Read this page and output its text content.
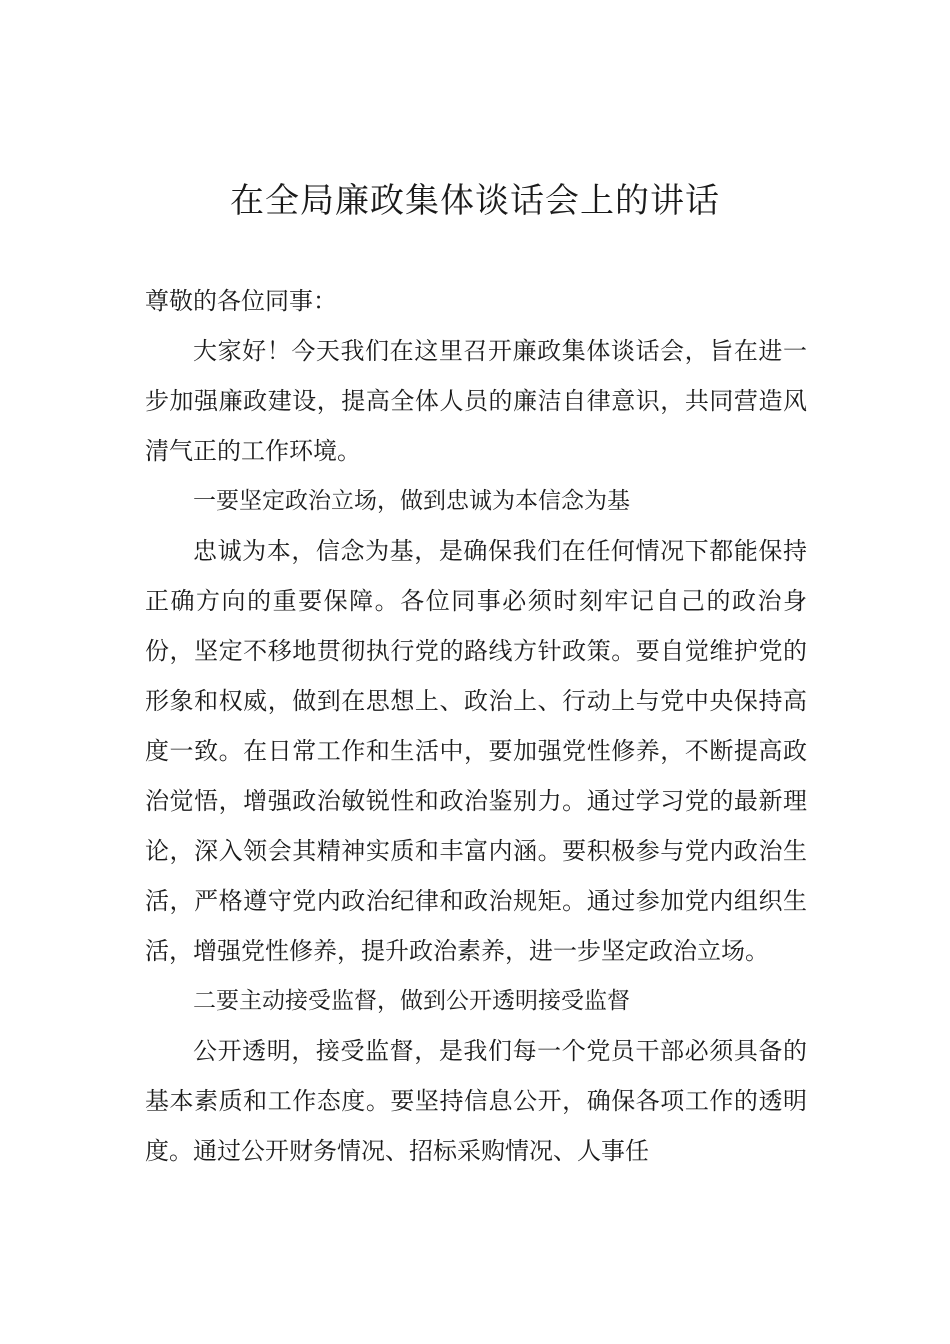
在全局廉政集体谈话会上的讲话

尊敬的各位同事：

大家好！今天我们在这里召开廉政集体谈话会，旨在进一步加强廉政建设，提高全体人员的廉洁自律意识，共同营造风清气正的工作环境。

一要坚定政治立场，做到忠诚为本信念为基

忠诚为本，信念为基，是确保我们在任何情况下都能保持正确方向的重要保障。各位同事必须时刻牢记自己的政治身份，坚定不移地贯彻执行党的路线方针政策。要自觉维护党的形象和权威，做到在思想上、政治上、行动上与党中央保持高度一致。在日常工作和生活中，要加强党性修养，不断提高政治觉悟，增强政治敏锐性和政治鉴别力。通过学习党的最新理论，深入领会其精神实质和丰富内涵。要积极参与党内政治生活，严格遵守党内政治纪律和政治规矩。通过参加党内组织生活，增强党性修养，提升政治素养，进一步坚定政治立场。

二要主动接受监督，做到公开透明接受监督

公开透明，接受监督，是我们每一个党员干部必须具备的基本素质和工作态度。要坚持信息公开，确保各项工作的透明度。通过公开财务情况、招标采购情况、人事任
